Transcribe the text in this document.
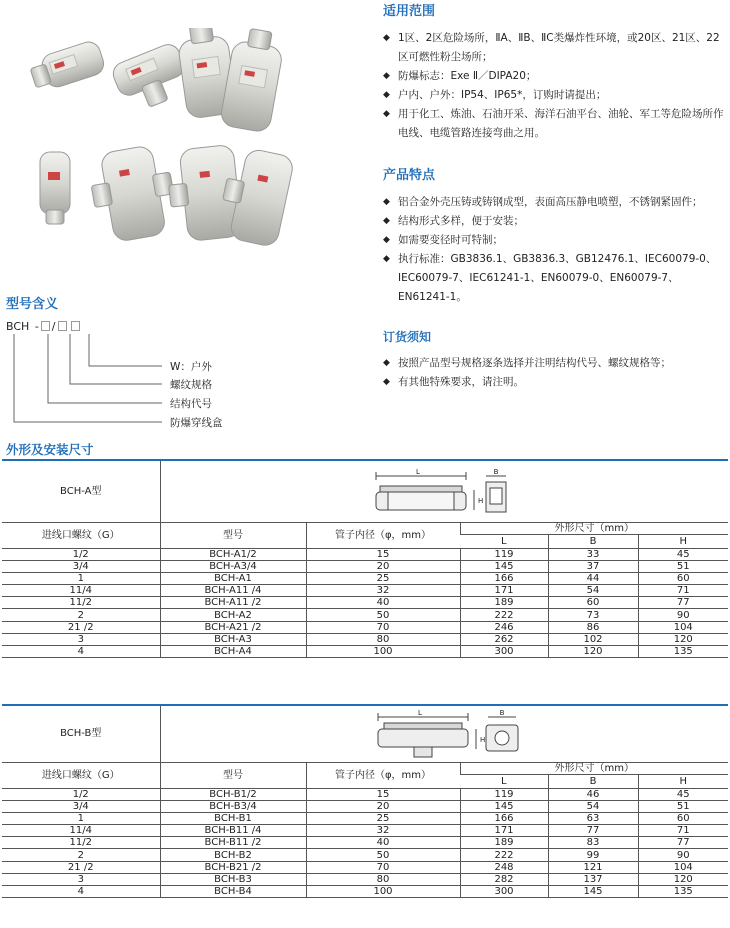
适用范围
◆ 1区、2区危险场所，ⅡA、ⅡB、ⅡC类爆炸性环境，或20区、21区、22区可燃性粉尘场所；
◆ 防爆标志：Exe Ⅱ／DIPA20；
◆ 户内、户外：IP54、IP65*，订购时请提出；
◆ 用于化工、炼油、石油开采、海洋石油平台、油轮、军工等危险场所作电线、电缆管路连接弯曲之用。
产品特点
◆ 铝合金外壳压铸或铸钢成型，表面高压静电喷塑，不锈钢紧固件；
◆ 结构形式多样，便于安装；
◆ 如需要变径时可特制；
◆ 执行标准：GB3836.1、GB3836.3、GB12476.1、IEC60079-0、IEC60079-7、IEC61241-1、EN60079-0、EN60079-7、EN61241-1。
订货须知
◆ 按照产品型号规格逐条选择并注明结构代号、螺纹规格等；
◆ 有其他特殊要求，请注明。
型号含义
BCH - /
W：户外
螺纹规格
结构代号
防爆穿线盒
外形及安装尺寸
BCH-A型	L B
H				

进线口螺纹（G）	型号	管子内径（φ，mm）	外形尺寸（mm）		
			L	B	H
1/2	BCH-A1/2	15	119	33	45
3/4	BCH-A3/4	20	145	37	51
1	BCH-A1	25	166	44	60
11/4	BCH-A11 /4	32	171	54	71
11/2	BCH-A11 /2	40	189	60	77
2	BCH-A2	50	222	73	90
21 /2	BCH-A21 /2	70	246	86	104
3	BCH-A3	80	262	102	120
4	BCH-A4	100	300	120	135
BCH-B型	L B
H				

进线口螺纹（G）	型号	管子内径（φ，mm）	外形尺寸（mm）		
			L	B	H
1/2	BCH-B1/2	15	119	46	45
3/4	BCH-B3/4	20	145	54	51
1	BCH-B1	25	166	63	60
11/4	BCH-B11 /4	32	171	77	71
11/2	BCH-B11 /2	40	189	83	77
2	BCH-B2	50	222	99	90
21 /2	BCH-B21 /2	70	248	121	104
3	BCH-B3	80	282	137	120
4	BCH-B4	100	300	145	135
